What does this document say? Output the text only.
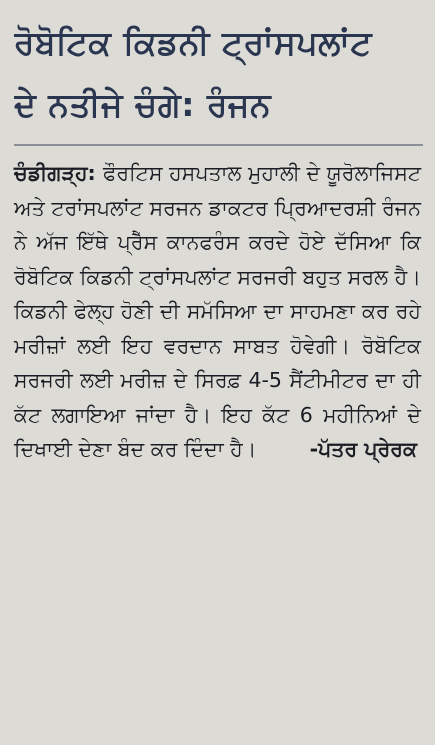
ਰੋਬੋਟਿਕ ਕਿਡਨੀ ਟ੍ਰਾਂਸਪਲਾਂਟ
ਦੇ ਨਤੀਜੇ ਚੰਗੇ: ਰੰਜਨ

ਚੰਡੀਗੜ੍ਹ: ਫੌਰਟਿਸ ਹਸਪਤਾਲ ਮੁਹਾਲੀ ਦੇ ਯੂਰੋਲਾਜਿਸਟ ਅਤੇ ਟਰਾਂਸਪਲਾਂਟ ਸਰਜਨ ਡਾਕਟਰ ਪ੍ਰਿਆਦਰਸ਼ੀ ਰੰਜਨ ਨੇ ਅੱਜ ਇੱਥੇ ਪ੍ਰੈੱਸ ਕਾਨਫਰੰਸ ਕਰਦੇ ਹੋਏ ਦੱਸਿਆ ਕਿ ਰੋਬੋਟਿਕ ਕਿਡਨੀ ਟ੍ਰਾਂਸਪਲਾਂਟ ਸਰਜਰੀ ਬਹੁਤ ਸਰਲ ਹੈ। ਕਿਡਨੀ ਫੇਲ੍ਹ ਹੋਣੀ ਦੀ ਸਮੱਸਿਆ ਦਾ ਸਾਹਮਣਾ ਕਰ ਰਹੇ ਮਰੀਜ਼ਾਂ ਲਈ ਇਹ ਵਰਦਾਨ ਸਾਬਤ ਹੋਵੇਗੀ। ਰੋਬੋਟਿਕ ਸਰਜਰੀ ਲਈ ਮਰੀਜ਼ ਦੇ ਸਿਰਫ਼ 4-5 ਸੈਂਟੀਮੀਟਰ ਦਾ ਹੀ ਕੱਟ ਲਗਾਇਆ ਜਾਂਦਾ ਹੈ। ਇਹ ਕੱਟ 6 ਮਹੀਨਿਆਂ ਦੇ ਦਿਖਾਈ ਦੇਣਾ ਬੰਦ ਕਰ ਦਿੰਦਾ ਹੈ।	-ਪੱਤਰ ਪ੍ਰੇਰਕ
